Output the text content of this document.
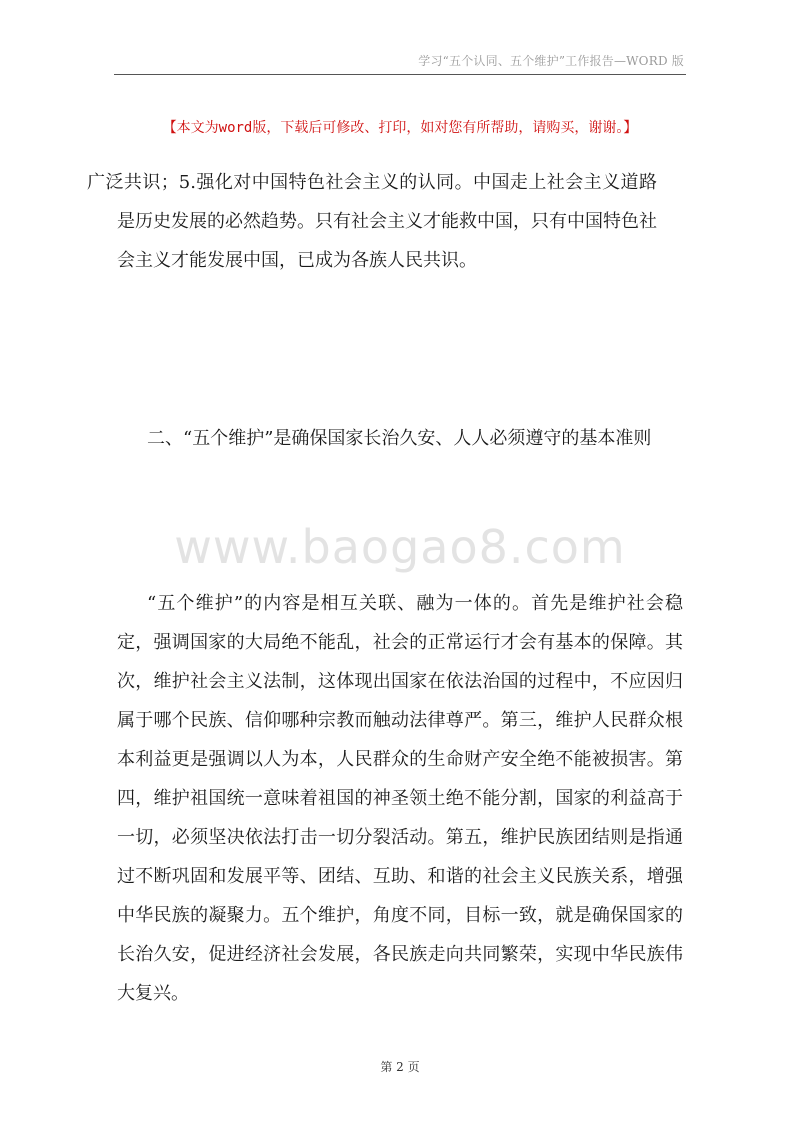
学习“五个认同、五个维护”工作报告—WORD 版
【本文为word版，下载后可修改、打印，如对您有所帮助，请购买，谢谢。】

广泛共识；5.强化对中国特色社会主义的认同。中国走上社会主义道路是历史发展的必然趋势。只有社会主义才能救中国，只有中国特色社会主义才能发展中国，已成为各族人民共识。

二、“五个维护”是确保国家长治久安、人人必须遵守的基本准则
www.baogao8.com

“五个维护”的内容是相互关联、融为一体的。首先是维护社会稳定，强调国家的大局绝不能乱，社会的正常运行才会有基本的保障。其次，维护社会主义法制，这体现出国家在依法治国的过程中，不应因归属于哪个民族、信仰哪种宗教而触动法律尊严。第三，维护人民群众根本利益更是强调以人为本，人民群众的生命财产安全绝不能被损害。第四，维护祖国统一意味着祖国的神圣领土绝不能分割，国家的利益高于一切，必须坚决依法打击一切分裂活动。第五，维护民族团结则是指通过不断巩固和发展平等、团结、互助、和谐的社会主义民族关系，增强中华民族的凝聚力。五个维护，角度不同，目标一致，就是确保国家的长治久安，促进经济社会发展，各民族走向共同繁荣，实现中华民族伟大复兴。

第 2 页
